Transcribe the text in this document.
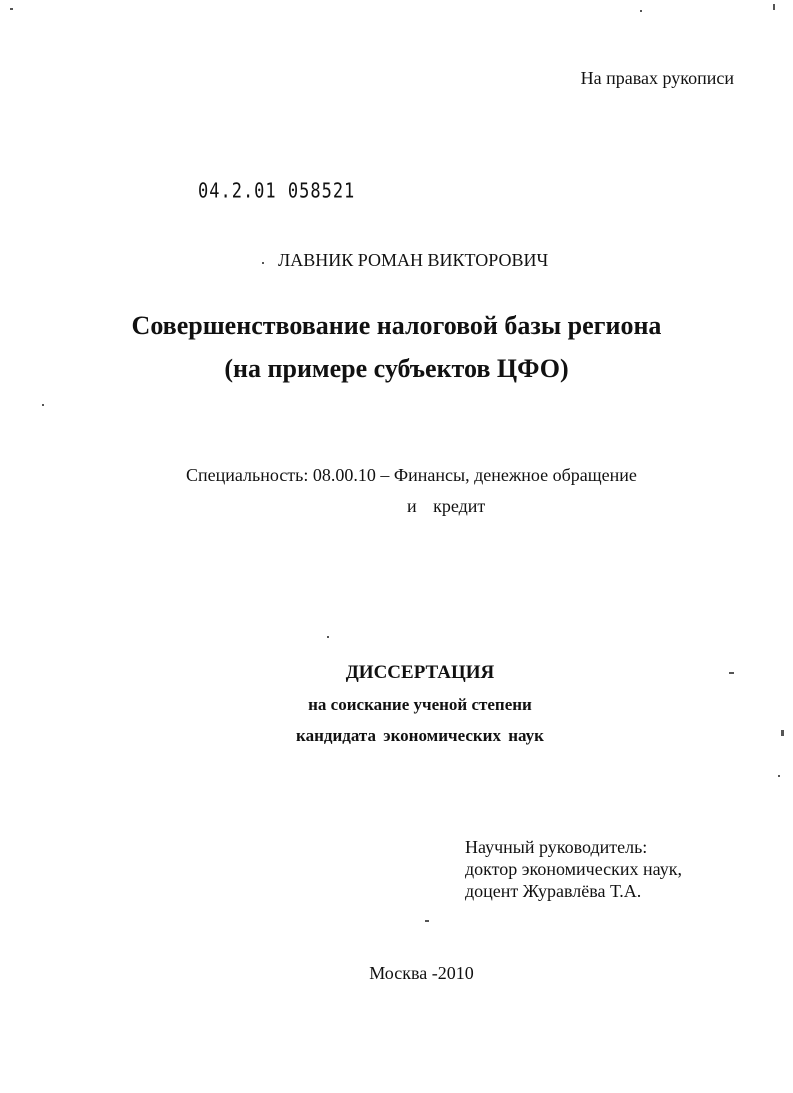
На правах рукописи
04.2.01 058521
ЛАВНИК РОМАН ВИКТОРОВИЧ
Совершенствование налоговой базы региона
(на примере субъектов ЦФО)
Специальность: 08.00.10 – Финансы, денежное обращение
и кредит
ДИССЕРТАЦИЯ
на соискание ученой степени
кандидата экономических наук
Научный руководитель:
доктор экономических наук,
доцент Журавлёва Т.А.
Москва -2010
